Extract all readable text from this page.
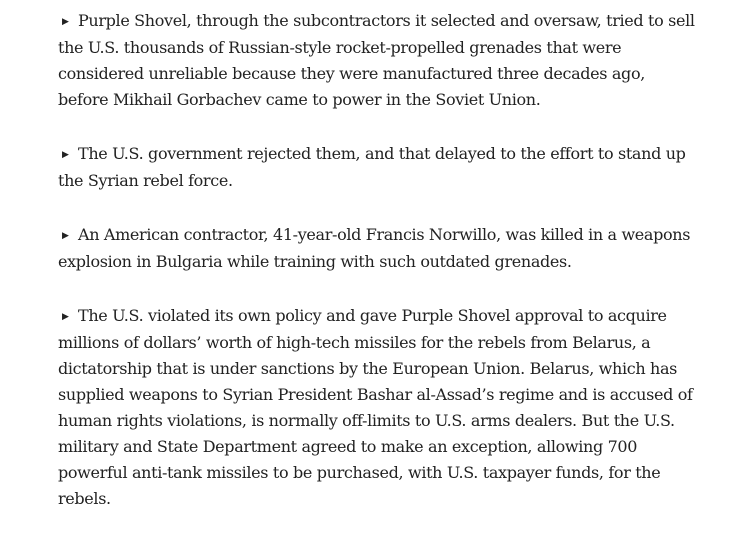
▶ Purple Shovel, through the subcontractors it selected and oversaw, tried to sell the U.S. thousands of Russian-style rocket-propelled grenades that were considered unreliable because they were manufactured three decades ago, before Mikhail Gorbachev came to power in the Soviet Union.
▶ The U.S. government rejected them, and that delayed to the effort to stand up the Syrian rebel force.
▶ An American contractor, 41-year-old Francis Norwillo, was killed in a weapons explosion in Bulgaria while training with such outdated grenades.
▶ The U.S. violated its own policy and gave Purple Shovel approval to acquire millions of dollars’ worth of high-tech missiles for the rebels from Belarus, a dictatorship that is under sanctions by the European Union. Belarus, which has supplied weapons to Syrian President Bashar al-Assad’s regime and is accused of human rights violations, is normally off-limits to U.S. arms dealers. But the U.S. military and State Department agreed to make an exception, allowing 700 powerful anti-tank missiles to be purchased, with U.S. taxpayer funds, for the rebels.
